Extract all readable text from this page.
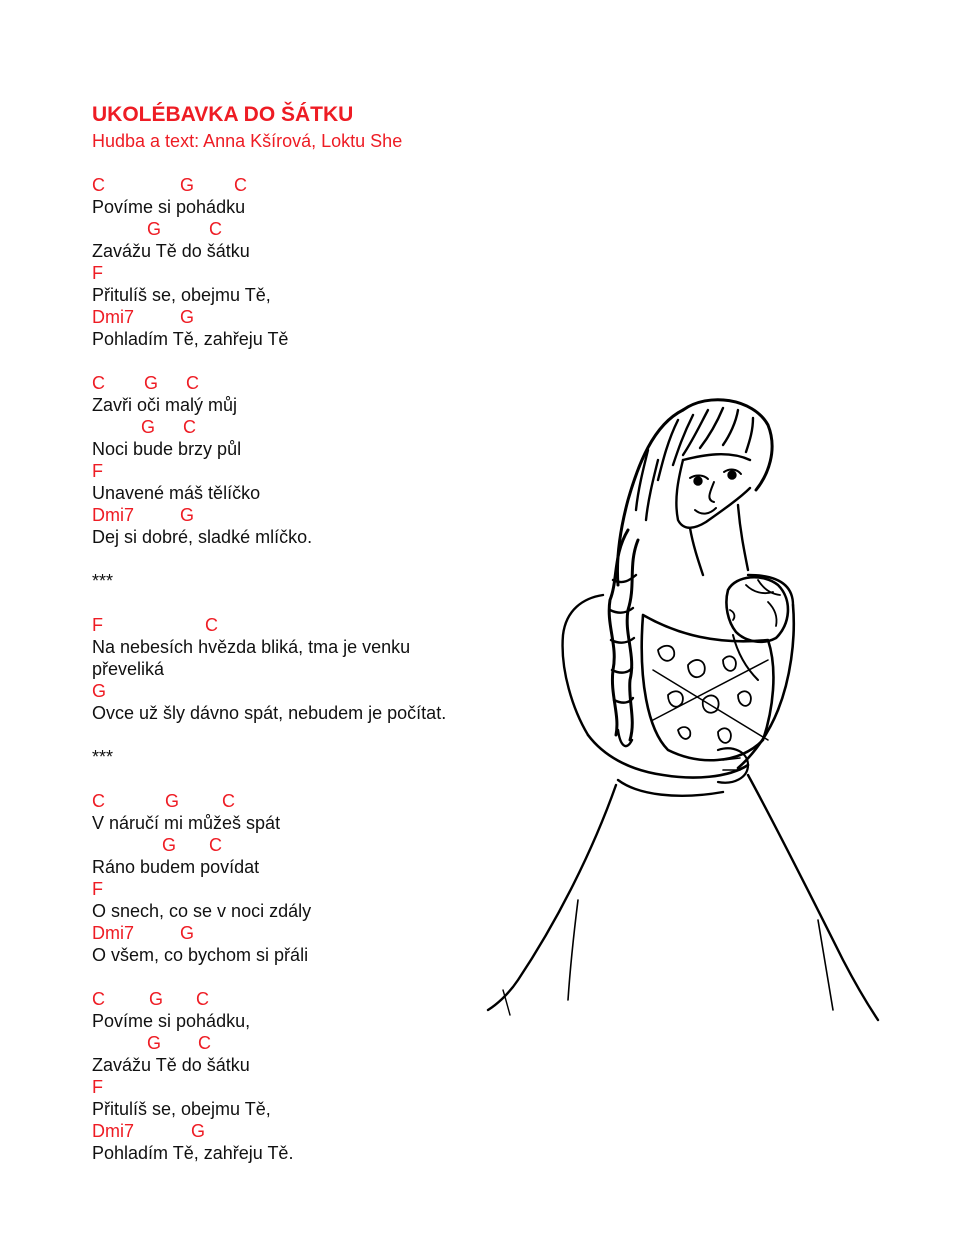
UKOLÉBAVKA DO ŠÁTKU
Hudba a text: Anna Kšírová, Loktu She
C	G C
Povíme si pohádku
G	C
Zavážu Tě do šátku
F
Přitulíš se, obejmu Tě,
Dmi7	G
Pohladím Tě, zahřeju Tě
C G C
Zavři oči malý můj
G C
Noci bude brzy půl
F
Unavené máš tělíčko
Dmi7	G
Dej si dobré, sladké mlíčko.
***
F	C
Na nebesích hvězda bliká, tma je venku
převeliká
G
Ovce už šly dávno spát, nebudem je počítat.
***
C	G C
V náručí mi můžeš spát
G C
Ráno budem povídat
F
O snech, co se v noci zdály
Dmi7	G
O všem, co bychom si přáli
C G C
Povíme si pohádku,
G C
Zavážu Tě do šátku
F
Přitulíš se, obejmu Tě,
Dmi7	G
Pohladím Tě, zahřeju Tě.
